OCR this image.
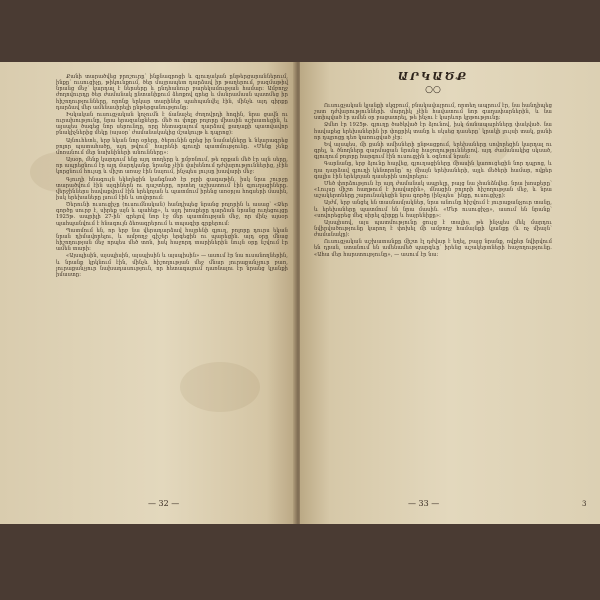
Քանի տարածվեց բրոշուրը՝ ինքնագրոցի և գյուղական ընթերցարաններում, ինքը՝ ուսուցիչը, թիկունքում, ծեր մայրապետ դարձավ իր թաղերում, բազմաթիվ նրանց մեջ՝ կարդալ է ներսերը և ընդհանուր բարեկամության համար: Ամբողջ ժողովուրդը ծեր ժամանակ ընտանիքում ձեռքով գրեց և մանրամասն պատմեց իր հիշողությունները, որոնք երկար տարիներ պահպանվել էին, մինչև այդ գիրքը դարձավ մեր ամենասիրելի ընթերցանությունը:

Իսկական ուսուցչական կոչումն է ճանաչել ժողովրդի հոգին, նրա ցավն ու ուրախությունը, նրա երազանքները. մեծ ու փոքր բոլորը միասին աշխատեցին, և այսպես ծագեց նոր սերունդը, որը հետագայում դարձավ քաղաքի պատվավոր բնակիչներից մեկը (այսօր՝ ժամանակակից մշակույթ և դպրոց):

Այնուհետև, երբ եկան նոր օրերը, ծերունին գրեց իր նամակները և նկարագրեց բոլոր պատահածը, այդ թվում՝ հայրենի գյուղի պատմությունը. «Մենք չենք մոռանում մեր նախնիների անունները»:

Այսօր, մենք կարդում ենք այդ տողերը և ըմբռնում, թե որքան մեծ էր այն սերը, որ ապրեցնում էր այդ մարդկանց. նրանք չէին վախենում դժվարություններից, չէին կորցնում հույսը և միշտ առաջ էին նայում, ինչպես լույսը խավարի մեջ:

Գյուղի հնագույն եկեղեցին կանգնած էր բլրի գագաթին, իսկ նրա շուրջը տարածվում էին այգիներն ու դաշտերը, որտեղ աշխատում էին գյուղացիները. վերջիններս հավաքվում էին երեկոյան և պատմում իրենց առօրյա հոգսերի մասին, իսկ երեխաները լսում էին և սովորում:

Ծերունի ուսուցիչը (ուսումնական) հանդիպեց նրանց բոլորին և ասաց՝ «Ձեր գործը սուրբ է, սիրեք այն և պահեք», և այդ խոսքերը դարձան նրանց ուղեցույցը 1925թ. ապրիլի 27-ին՝ գրելով նոր էջ մեր պատմության մեջ, որ մինչ այսօր պահպանվում է հնագույն ձեռագրերում և տպագիր գրքերում:

Պատմում են, որ երբ նա վերադարձավ հայրենի գյուղ, բոլորը դուրս եկան նրան դիմավորելու, և ամբողջ գիշեր երգեցին ու պարեցին. այդ օրը մնաց հիշողության մեջ որպես մեծ տոն, իսկ հաջորդ տարիներին նույն օրը նշվում էր ամեն տարի:

«Այսպիսին, այսպիսին, այսպիսին և այսպիսին» — ասում էր նա ուսանողներին, և նրանք կրկնում էին, մինչև հիշողության մեջ մնար յուրաքանչյուր բառ, յուրաքանչյուր նախադասություն, որ հետագայում դառնալու էր նրանց կյանքի իմաստը:

— 32 —
ԱՐԿԱԾՔ
○○

Ուսուցչական կյանքի սկզբում, բնակավայրում, որտեղ ապրում էր, նա հանդիպեց շատ դժվարությունների. մարդիկ չէին հավատում նոր գաղափարներին, և նա ստիպված էր ամեն օր բացատրել, թե ինչու է կարևոր կրթությունը:

Ձմեռ էր 1925թ. գյուղը ծածկված էր ձյունով, իսկ ճանապարհները փակված. նա հավաքեց երեխաներին իր փոքրիկ տանը և սկսեց դասերը՝ կրակի լույսի տակ, քանի որ դպրոցը դեռ կառուցված չէր:

Եվ այսպես, մի քանի ամիսների ընթացքում, երեխաները սովորեցին կարդալ ու գրել, և ծնողները զարմացան նրանց հաջողություններով. այդ ժամանակից սկսած, գյուղում բոլորը հարգում էին ուսուցչին և օգնում նրան:

Գարնանը, երբ ձյունը հալվեց, գյուղացիները միասին կառուցեցին նոր դպրոց, և դա դարձավ գյուղի կենտրոնը՝ ոչ միայն երեխաների, այլև մեծերի համար, ովքեր գալիս էին երեկոյան դասերին սովորելու:

Մեծ փորձություն էր այդ ժամանակ ապրելը, բայց նա չհանձնվեց. նրա խոսքերը՝ «Լույսը միշտ հաղթում է խավարին», մնացին բոլորի հիշողության մեջ, և նրա աշակերտները շարունակեցին նրա գործը (ինչպես՝ ինքը, ուսուցիչը):

Այժմ, երբ անցել են տասնամյակներ, նրա անունը հիշվում է յուրաքանչյուր տանը, և երեխաները պատմում են նրա մասին. «Մեր ուսուցիչը», ասում են նրանք՝ «սովորեցրեց մեզ սիրել գիրքը և հայրենիքը»:

Այսպիսով, այս պատմությունը ցույց է տալիս, թե ինչպես մեկ մարդու նվիրվածությունը կարող է փոխել մի ամբողջ համայնքի կյանքը (և ոչ միայն՝ ժամանակը):

Ուսուցչական աշխատանքը միշտ էլ դժվար է եղել, բայց նրանք, ովքեր նվիրվում են դրան, ստանում են ամենամեծ պարգևը՝ իրենց աշակերտների հաջողությունը. «Ահա մեր հարստությունը», — ասում էր նա:

— 33 —	3
